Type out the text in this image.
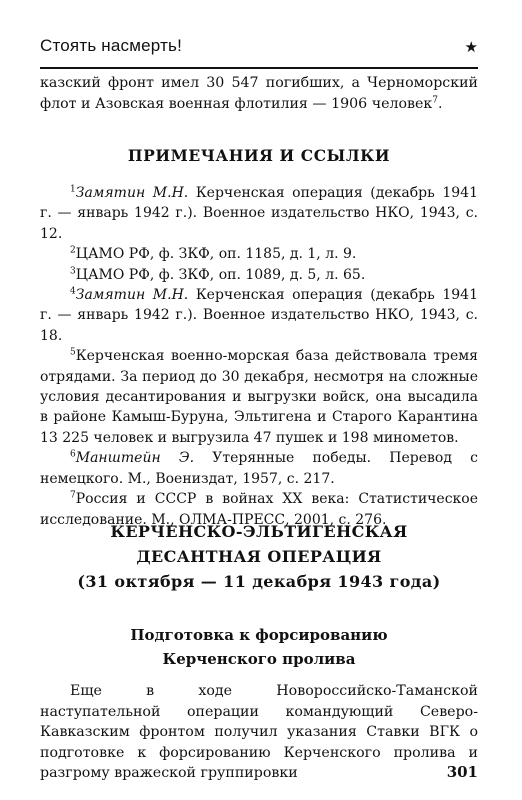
Стоять насмерть!	★
казский фронт имел 30 547 погибших, а Черноморский флот и Азовская военная флотилия — 1906 человек$^7$.
ПРИМЕЧАНИЯ И ССЫЛКИ

$^1$Замятин М.Н. Керченская операция (декабрь 1941 г. — январь 1942 г.). Военное издательство НКО, 1943, с. 12.

$^2$ЦАМО РФ, ф. ЗКФ, оп. 1185, д. 1, л. 9.

$^3$ЦАМО РФ, ф. ЗКФ, оп. 1089, д. 5, л. 65.

$^4$Замятин М.Н. Керченская операция (декабрь 1941 г. — январь 1942 г.). Военное издательство НКО, 1943, с. 18.

$^5$Керченская военно-морская база действовала тремя отрядами. За период до 30 декабря, несмотря на сложные условия десантирования и выгрузки войск, она высадила в районе Камыш-Буруна, Эльтигена и Старого Карантина 13 225 человек и выгрузила 47 пушек и 198 минометов.

$^6$Манштейн Э. Утерянные победы. Перевод с немецкого. М., Воениздат, 1957, с. 217.

$^7$Россия и СССР в войнах XX века: Статистическое исследование. М., ОЛМА-ПРЕСС, 2001, с. 276.

КЕРЧЕНСКО-ЭЛЬТИГЕНСКАЯ
ДЕСАНТНАЯ ОПЕРАЦИЯ
(31 октября — 11 декабря 1943 года)
Подготовка к форсированию
Керченского пролива
Еще в ходе Новороссийско-Таманской наступательной операции командующий Северо-Кавказским фронтом получил указания Ставки ВГК о подготовке к форсированию Керченского пролива и разгрому вражеской группировки	301
